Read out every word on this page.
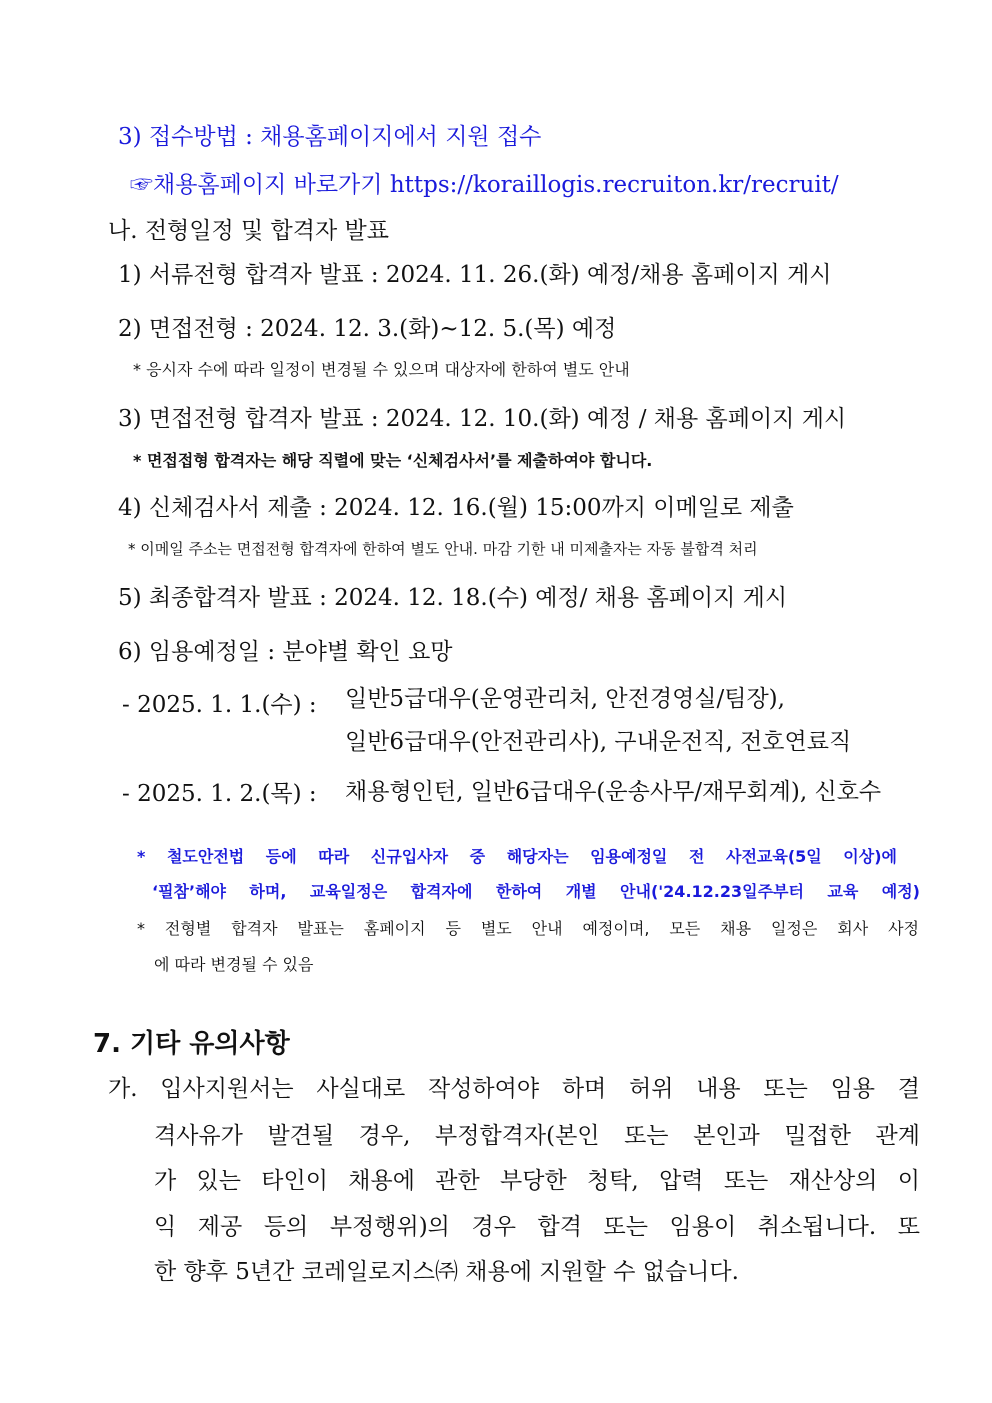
3) 접수방법 : 채용홈페이지에서 지원 접수
☞채용홈페이지 바로가기 https://koraillogis.recruiton.kr/recruit/
나. 전형일정 및 합격자 발표
1) 서류전형 합격자 발표 : 2024. 11. 26.(화) 예정/채용 홈페이지 게시
2) 면접전형 : 2024. 12. 3.(화)~12. 5.(목) 예정
* 응시자 수에 따라 일정이 변경될 수 있으며 대상자에 한하여 별도 안내
3) 면접전형 합격자 발표 : 2024. 12. 10.(화) 예정 / 채용 홈페이지 게시
* 면접접형 합격자는 해당 직렬에 맞는 ‘신체검사서’를 제출하여야 합니다.
4) 신체검사서 제출 : 2024. 12. 16.(월) 15:00까지 이메일로 제출
* 이메일 주소는 면접전형 합격자에 한하여 별도 안내. 마감 기한 내 미제출자는 자동 불합격 처리
5) 최종합격자 발표 : 2024. 12. 18.(수) 예정/ 채용 홈페이지 게시
6) 임용예정일 : 분야별 확인 요망
- 2025. 1. 1.(수) : 일반5급대우(운영관리처, 안전경영실/팀장),
일반6급대우(안전관리사), 구내운전직, 전호연료직
- 2025. 1. 2.(목) : 채용형인턴, 일반6급대우(운송사무/재무회계), 신호수
* 철도안전법 등에 따라 신규입사자 중 해당자는 임용예정일 전 사전교육(5일 이상)에
‘필참’해야 하며, 교육일정은 합격자에 한하여 개별 안내('24.12.23일주부터 교육 예정)
* 전형별 합격자 발표는 홈페이지 등 별도 안내 예정이며, 모든 채용 일정은 회사 사정
에 따라 변경될 수 있음
7. 기타 유의사항
가. 입사지원서는 사실대로 작성하여야 하며 허위 내용 또는 임용 결
격사유가 발견될 경우, 부정합격자(본인 또는 본인과 밀접한 관계
가 있는 타인이 채용에 관한 부당한 청탁, 압력 또는 재산상의 이
익 제공 등의 부정행위)의 경우 합격 또는 임용이 취소됩니다. 또
한 향후 5년간 코레일로지스㈜ 채용에 지원할 수 없습니다.
